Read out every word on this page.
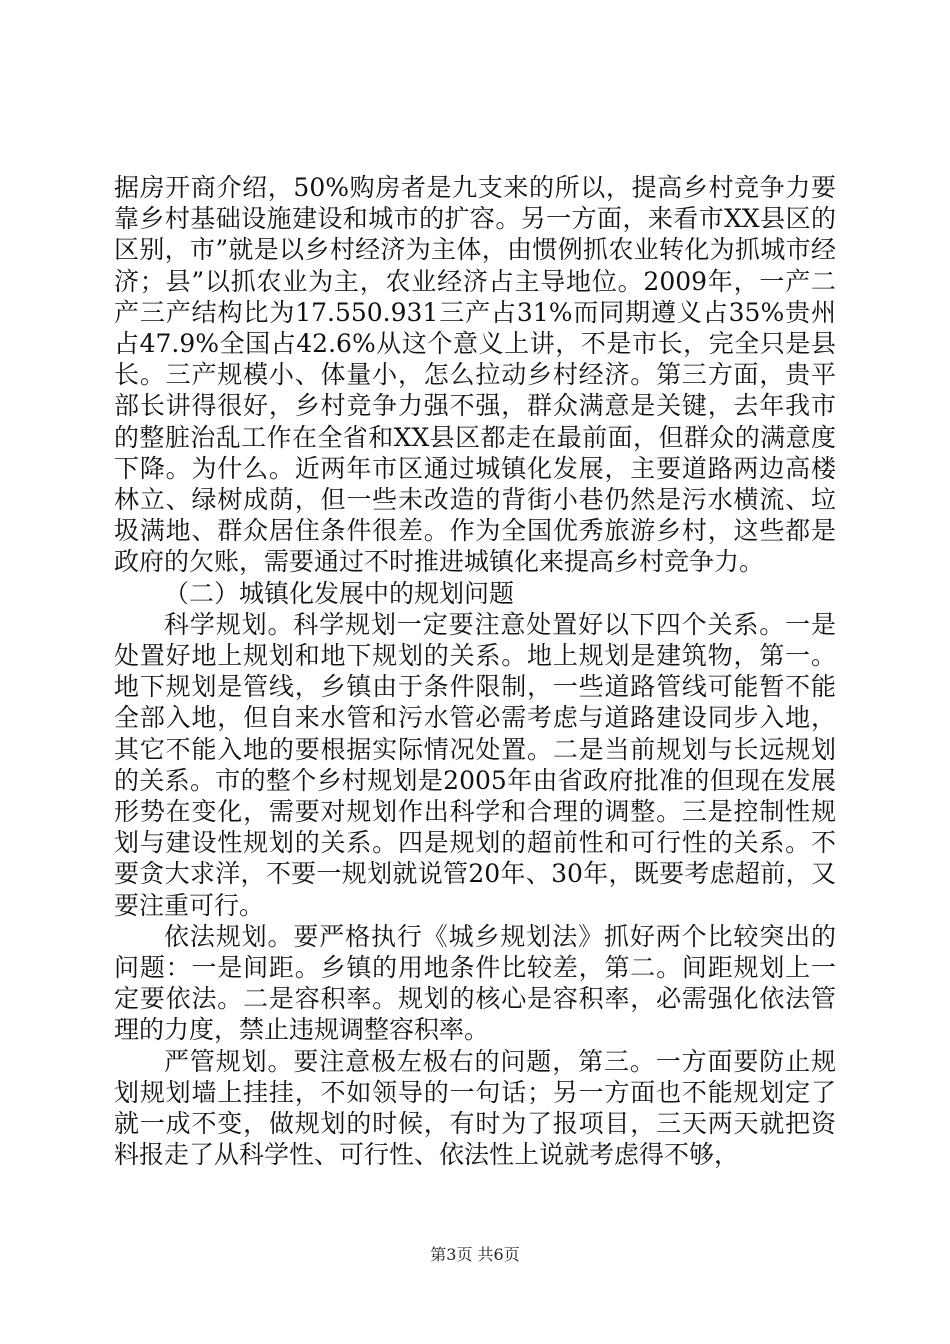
据房开商介绍，50%购房者是九支来的所以，提高乡村竞争力要靠乡村基础设施建设和城市的扩容。另一方面，来看市XX县区的区别，市”就是以乡村经济为主体，由惯例抓农业转化为抓城市经济；县”以抓农业为主，农业经济占主导地位。2009年，一产二产三产结构比为17.550.931三产占31%而同期遵义占35%贵州占47.9%全国占42.6%从这个意义上讲，不是市长，完全只是县长。三产规模小、体量小，怎么拉动乡村经济。第三方面，贵平部长讲得很好，乡村竞争力强不强，群众满意是关键，去年我市的整脏治乱工作在全省和XX县区都走在最前面，但群众的满意度下降。为什么。近两年市区通过城镇化发展，主要道路两边高楼林立、绿树成荫，但一些未改造的背街小巷仍然是污水横流、垃圾满地、群众居住条件很差。作为全国优秀旅游乡村，这些都是政府的欠账，需要通过不时推进城镇化来提高乡村竞争力。

（二）城镇化发展中的规划问题

科学规划。科学规划一定要注意处置好以下四个关系。一是处置好地上规划和地下规划的关系。地上规划是建筑物，第一。地下规划是管线，乡镇由于条件限制，一些道路管线可能暂不能全部入地，但自来水管和污水管必需考虑与道路建设同步入地，其它不能入地的要根据实际情况处置。二是当前规划与长远规划的关系。市的整个乡村规划是2005年由省政府批准的但现在发展形势在变化，需要对规划作出科学和合理的调整。三是控制性规划与建设性规划的关系。四是规划的超前性和可行性的关系。不要贪大求洋，不要一规划就说管20年、30年，既要考虑超前，又要注重可行。

依法规划。要严格执行《城乡规划法》抓好两个比较突出的问题：一是间距。乡镇的用地条件比较差，第二。间距规划上一定要依法。二是容积率。规划的核心是容积率，必需强化依法管理的力度，禁止违规调整容积率。

严管规划。要注意极左极右的问题，第三。一方面要防止规划规划墙上挂挂，不如领导的一句话；另一方面也不能规划定了就一成不变，做规划的时候，有时为了报项目，三天两天就把资料报走了从科学性、可行性、依法性上说就考虑得不够，

第3页 共6页
